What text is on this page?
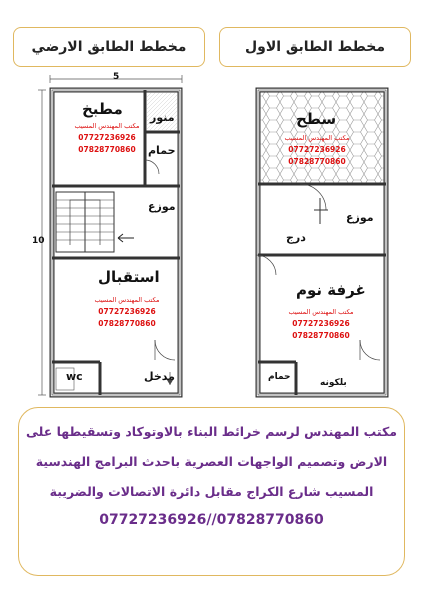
مخطط الطابق الارضي	مخطط الطابق الاول
5
10
مطبخ منور
حمام
موزع
استقبال
wc	مدخل
سطح
موزع
درج
غرفة نوم
حمام
بلكونه
مكتب المهندس المسيب
07727236926
07828770860
مكتب المهندس المسيب
07727236926
07828770860
مكتب المهندس المسيب
07727236926
07828770860
مكتب المهندس المسيب
07727236926
07828770860
مكتب المهندس لرسم خرائط البناء بالاوتوكاد وتسقيطها على
الارض وتصميم الواجهات العصرية باحدث البرامج الهندسية
المسيب شارع الكراج مقابل دائرة الاتصالات والضريبة
07727236926//07828770860
